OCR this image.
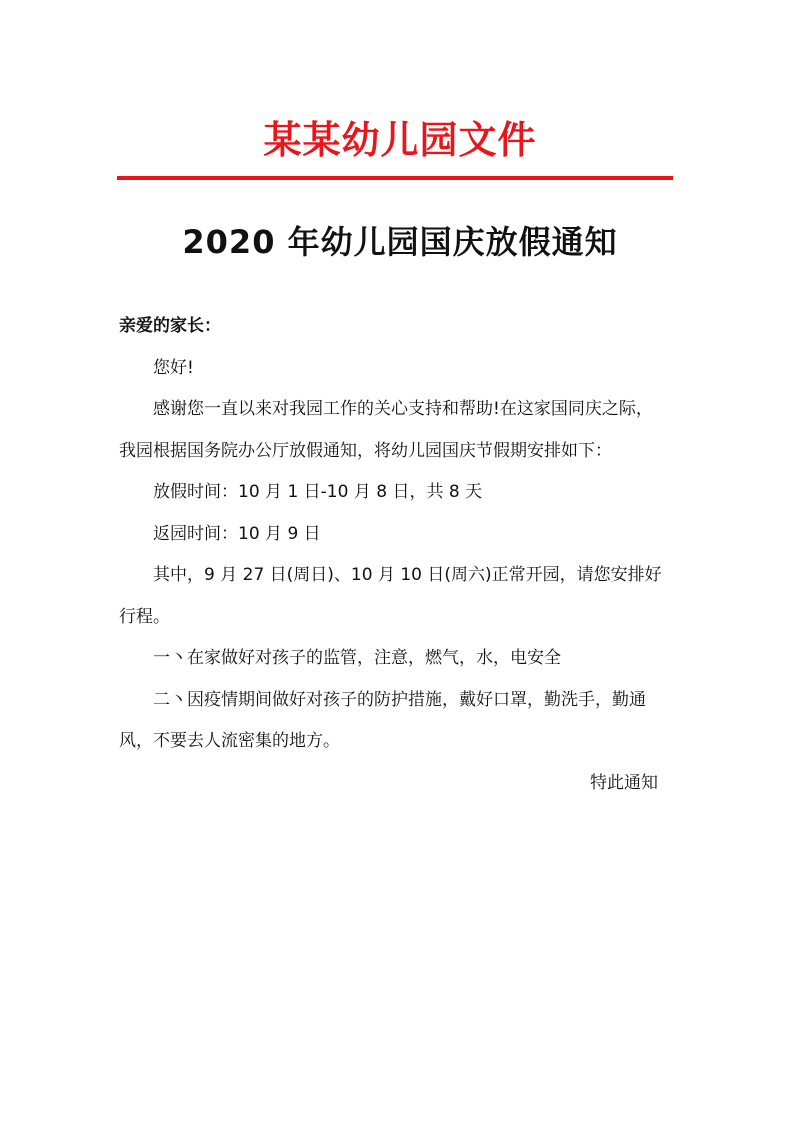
某某幼儿园文件
2020 年幼儿园国庆放假通知

亲爱的家长：

您好!

感谢您一直以来对我园工作的关心支持和帮助!在这家国同庆之际，我园根据国务院办公厅放假通知，将幼儿园国庆节假期安排如下：

放假时间：10 月 1 日-10 月 8 日，共 8 天

返园时间：10 月 9 日

其中，9 月 27 日(周日)、10 月 10 日(周六)正常开园，请您安排好行程。

一丶在家做好对孩子的监管，注意，燃气，水，电安全

二丶因疫情期间做好对孩子的防护措施，戴好口罩，勤洗手，勤通风，不要去人流密集的地方。

特此通知
